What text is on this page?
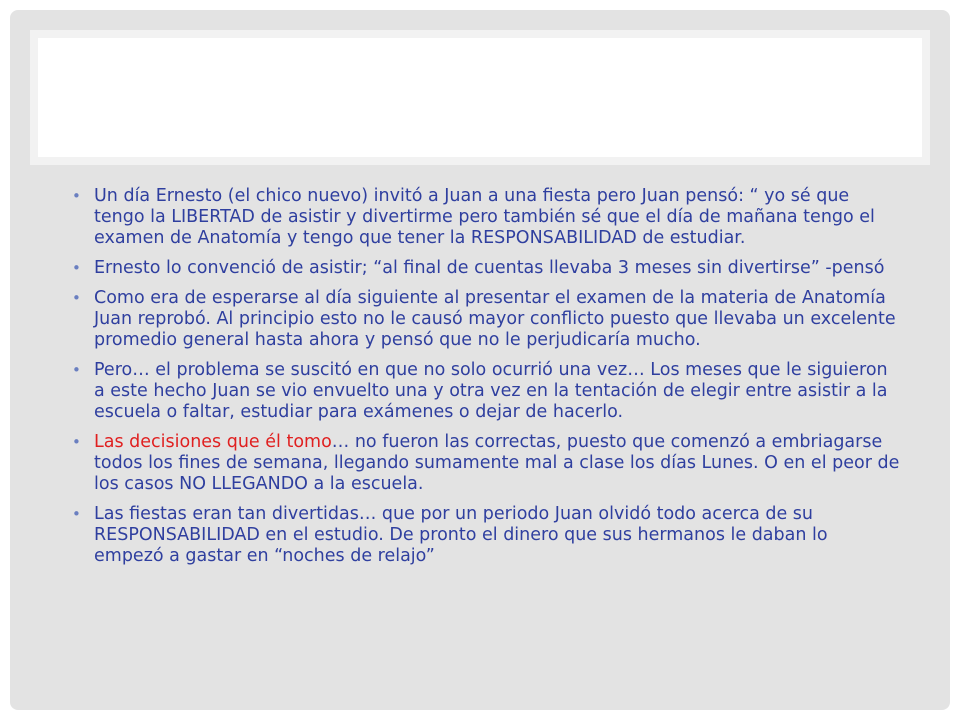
• Un día Ernesto (el chico nuevo) invitó a Juan a una fiesta pero Juan pensó: “ yo sé que tengo la LIBERTAD de asistir y divertirme pero también sé que el día de mañana tengo el examen de Anatomía y tengo que tener la RESPONSABILIDAD de estudiar.
• Ernesto lo convenció de asistir; “al final de cuentas llevaba 3 meses sin divertirse” -pensó
• Como era de esperarse al día siguiente al presentar el examen de la materia de Anatomía Juan reprobó. Al principio esto no le causó mayor conflicto puesto que llevaba un excelente promedio general hasta ahora y pensó que no le perjudicaría mucho.
• Pero… el problema se suscitó en que no solo ocurrió una vez… Los meses que le siguieron a este hecho Juan se vio envuelto una y otra vez en la tentación de elegir entre asistir a la escuela o faltar, estudiar para exámenes o dejar de hacerlo.
• Las decisiones que él tomo… no fueron las correctas, puesto que comenzó a embriagarse todos los fines de semana, llegando sumamente mal a clase los días Lunes. O en el peor de los casos NO LLEGANDO a la escuela.
• Las fiestas eran tan divertidas… que por un periodo Juan olvidó todo acerca de su RESPONSABILIDAD en el estudio. De pronto el dinero que sus hermanos le daban lo empezó a gastar en “noches de relajo”
